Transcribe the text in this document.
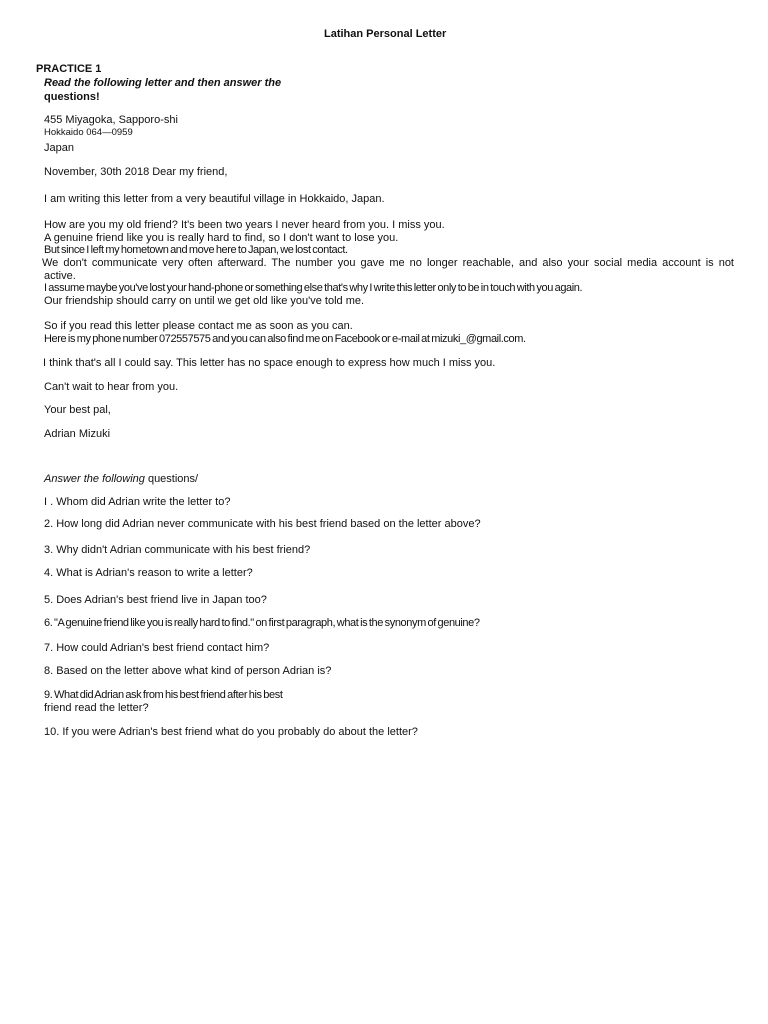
Latihan Personal Letter
PRACTICE 1
Read the following letter and then answer the
questions!
455 Miyagoka, Sapporo-shi
Hokkaido 064—0959
Japan
November, 30th 2018 Dear my friend,
I am writing this letter from a very beautiful village in Hokkaido, Japan.
How are you my old friend? It's been two years I never heard from you. I miss you.
A genuine friend like you is really hard to find, so I don't want to lose you.
But since I left my hometown and move here to Japan, we lost contact.
We don't communicate very often afterward. The number you gave me no longer reachable, and also your social media account is not
active.
I assume maybe you've lost your hand-phone or something else that's why I write this letter only to be in touch with you again.
Our friendship should carry on until we get old like you've told me.
So if you read this letter please contact me as soon as you can.
Here is my phone number 072557575 and you can also find me on Facebook or e-mail at mizuki_@gmail.com.
I think that's all I could say. This letter has no space enough to express how much I miss you.
Can't wait to hear from you.
Your best pal,
Adrian Mizuki
Answer the following questions/
I . Whom did Adrian write the letter to?
2. How long did Adrian never communicate with his best friend based on the letter above?
3. Why didn't Adrian communicate with his best friend?
4. What is Adrian's reason to write a letter?
5. Does Adrian's best friend live in Japan too?
6. "A genuine friend like you is really hard to find." on first paragraph, what is the synonym of genuine?
7. How could Adrian's best friend contact him?
8. Based on the letter above what kind of person Adrian is?
9. What did Adrian ask from his best friend after his best
friend read the letter?
10. If you were Adrian's best friend what do you probably do about the letter?
